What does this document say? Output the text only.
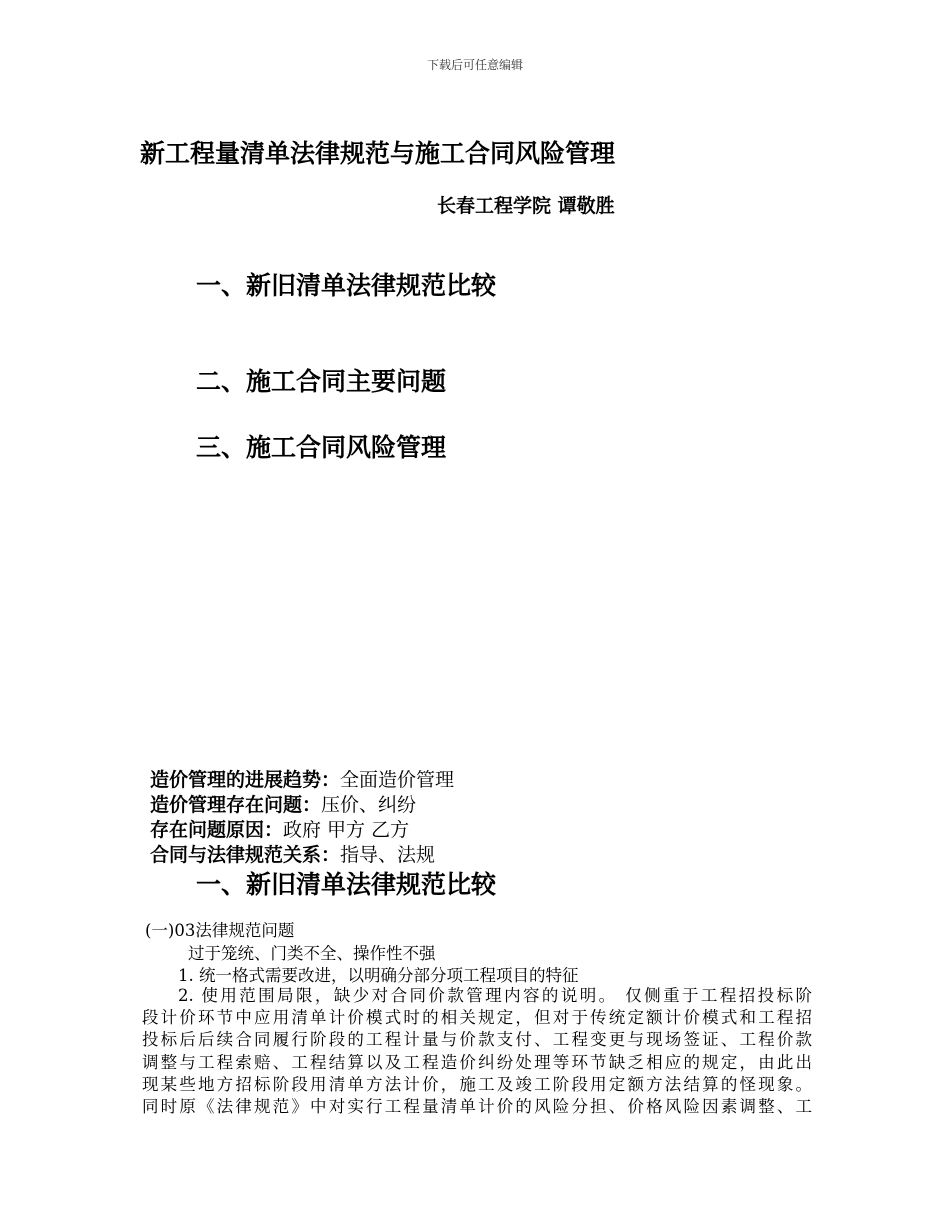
下载后可任意编辑
新工程量清单法律规范与施工合同风险管理
长春工程学院 谭敬胜
一、新旧清单法律规范比较
二、施工合同主要问题
三、施工合同风险管理
造价管理的进展趋势：全面造价管理
造价管理存在问题：压价、纠纷
存在问题原因：政府 甲方 乙方
合同与法律规范关系：指导、法规
一、新旧清单法律规范比较
(一)03法律规范问题
过于笼统、门类不全、操作性不强
1. 统一格式需要改进，以明确分部分项工程项目的特征
2. 使用范围局限，缺少对合同价款管理内容的说明。 仅侧重于工程招投标阶
段计价环节中应用清单计价模式时的相关规定，但对于传统定额计价模式和工程招
投标后后续合同履行阶段的工程计量与价款支付、工程变更与现场签证、工程价款
调整与工程索赔、工程结算以及工程造价纠纷处理等环节缺乏相应的规定，由此出
现某些地方招标阶段用清单方法计价，施工及竣工阶段用定额方法结算的怪现象。
同时原《法律规范》中对实行工程量清单计价的风险分担、价格风险因素调整、工
